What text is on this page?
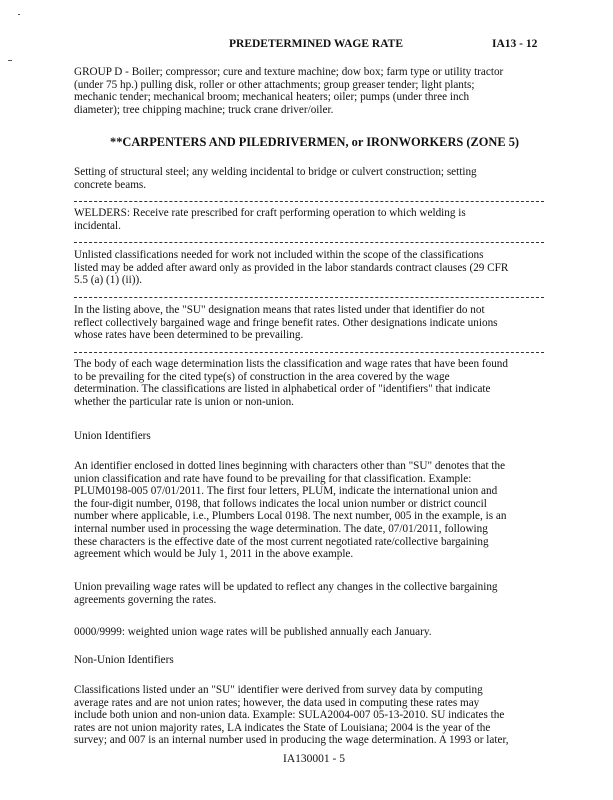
PREDETERMINED WAGE RATE	IA13 - 12
GROUP D - Boiler; compressor; cure and texture machine; dow box; farm type or utility tractor
(under 75 hp.) pulling disk, roller or other attachments; group greaser tender; light plants;
mechanic tender; mechanical broom; mechanical heaters; oiler; pumps (under three inch
diameter); tree chipping machine; truck crane driver/oiler.
**CARPENTERS AND PILEDRIVERMEN, or IRONWORKERS (ZONE 5)
Setting of structural steel; any welding incidental to bridge or culvert construction; setting
concrete beams.
WELDERS: Receive rate prescribed for craft performing operation to which welding is
incidental.
Unlisted classifications needed for work not included within the scope of the classifications
listed may be added after award only as provided in the labor standards contract clauses (29 CFR
5.5 (a) (1) (ii)).
In the listing above, the "SU" designation means that rates listed under that identifier do not
reflect collectively bargained wage and fringe benefit rates. Other designations indicate unions
whose rates have been determined to be prevailing.
The body of each wage determination lists the classification and wage rates that have been found
to be prevailing for the cited type(s) of construction in the area covered by the wage
determination. The classifications are listed in alphabetical order of "identifiers" that indicate
whether the particular rate is union or non-union.
Union Identifiers
An identifier enclosed in dotted lines beginning with characters other than "SU" denotes that the
union classification and rate have found to be prevailing for that classification. Example:
PLUM0198-005 07/01/2011. The first four letters, PLUM, indicate the international union and
the four-digit number, 0198, that follows indicates the local union number or district council
number where applicable, i.e., Plumbers Local 0198. The next number, 005 in the example, is an
internal number used in processing the wage determination. The date, 07/01/2011, following
these characters is the effective date of the most current negotiated rate/collective bargaining
agreement which would be July 1, 2011 in the above example.
Union prevailing wage rates will be updated to reflect any changes in the collective bargaining
agreements governing the rates.
0000/9999: weighted union wage rates will be published annually each January.
Non-Union Identifiers
Classifications listed under an "SU" identifier were derived from survey data by computing
average rates and are not union rates; however, the data used in computing these rates may
include both union and non-union data. Example: SULA2004-007 05-13-2010. SU indicates the
rates are not union majority rates, LA indicates the State of Louisiana; 2004 is the year of the
survey; and 007 is an internal number used in producing the wage determination. A 1993 or later,
IA130001 - 5
